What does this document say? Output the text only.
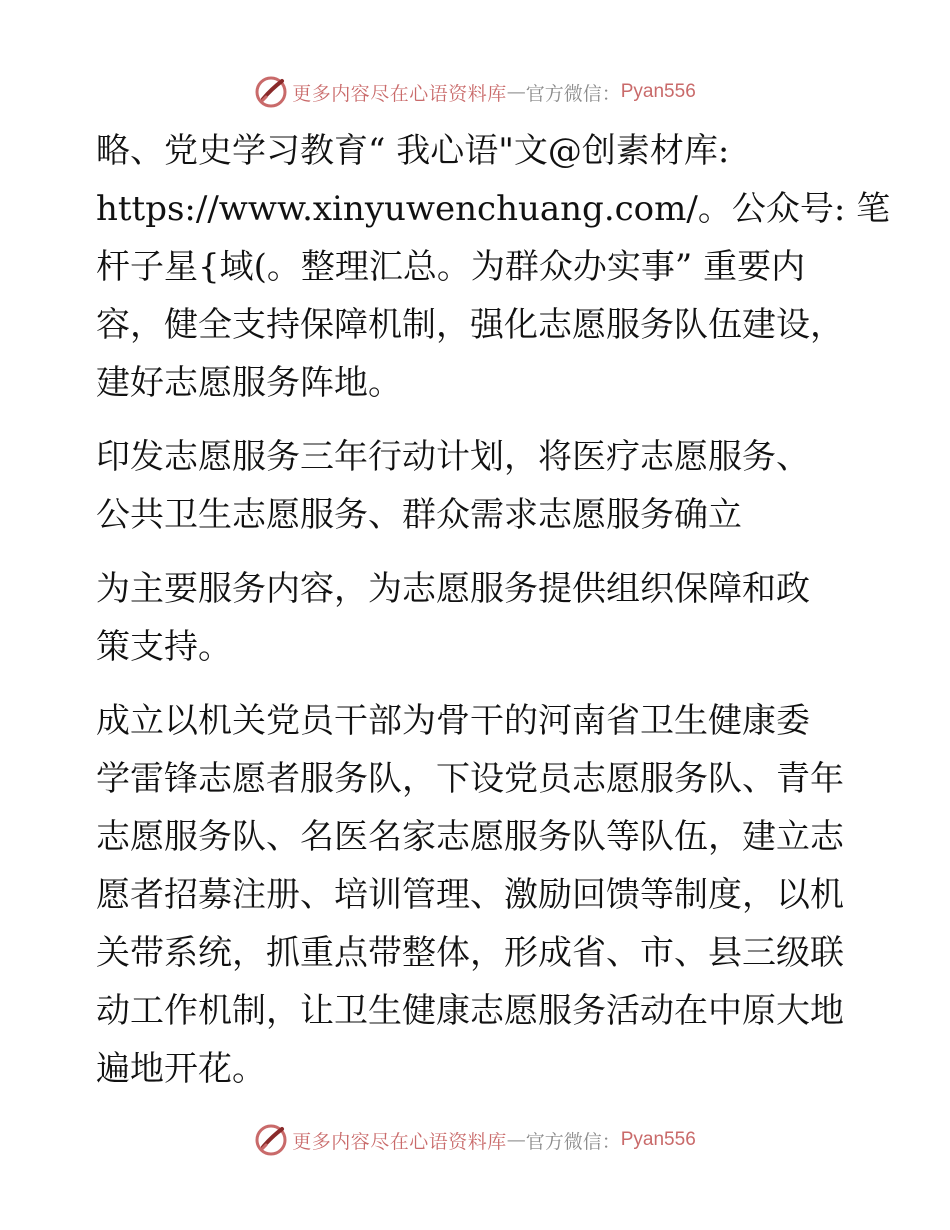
更多内容尽在心语资料库 — 官方微信： Pyan556

略、党史学习教育“ 我心语"文@创素材库:
https://www.xinyuwenchuang.com/。公众号: 笔
杆子星{域(。整理汇总。为群众办实事” 重要内
容，健全支持保障机制，强化志愿服务队伍建设，
建好志愿服务阵地。

印发志愿服务三年行动计划，将医疗志愿服务、
公共卫生志愿服务、群众需求志愿服务确立

为主要服务内容，为志愿服务提供组织保障和政
策支持。

成立以机关党员干部为骨干的河南省卫生健康委
学雷锋志愿者服务队，下设党员志愿服务队、青年
志愿服务队、名医名家志愿服务队等队伍，建立志
愿者招募注册、培训管理、激励回馈等制度，以机
关带系统，抓重点带整体，形成省、市、县三级联
动工作机制，让卫生健康志愿服务活动在中原大地
遍地开花。

更多内容尽在心语资料库 — 官方微信： Pyan556
